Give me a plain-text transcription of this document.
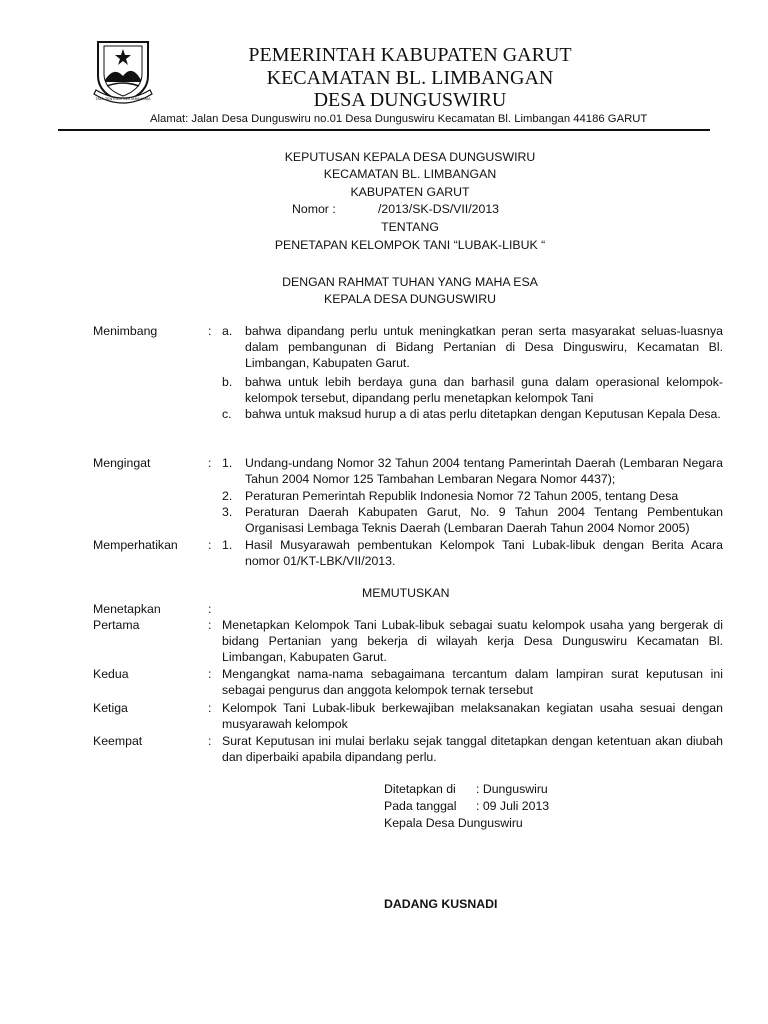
TATA TENTREM KERTARAHARJA
PEMERINTAH KABUPATEN GARUT
KECAMATAN BL. LIMBANGAN
DESA DUNGUSWIRU
Alamat: Jalan Desa Dunguswiru no.01 Desa Dunguswiru Kecamatan Bl. Limbangan 44186 GARUT
KEPUTUSAN KEPALA DESA DUNGUSWIRU
KECAMATAN BL. LIMBANGAN
KABUPATEN GARUT
Nomor :	/2013/SK-DS/VII/2013
TENTANG
PENETAPAN KELOMPOK TANI “LUBAK-LIBUK “
DENGAN RAHMAT TUHAN YANG MAHA ESA
KEPALA DESA DUNGUSWIRU
Menimbang	: a. bahwa dipandang perlu untuk meningkatkan peran serta masyarakat seluas-luasnya dalam pembangunan di Bidang Pertanian di Desa Dinguswiru, Kecamatan Bl. Limbangan, Kabupaten Garut.
b. bahwa untuk lebih berdaya guna dan barhasil guna dalam operasional kelompok-kelompok tersebut, dipandang perlu menetapkan kelompok Tani
c. bahwa untuk maksud hurup a di atas perlu ditetapkan dengan Keputusan Kepala Desa.
Mengingat	: 1. Undang-undang Nomor 32 Tahun 2004 tentang Pamerintah Daerah (Lembaran Negara Tahun 2004 Nomor 125 Tambahan Lembaran Negara Nomor 4437);
2. Peraturan Pemerintah Republik Indonesia Nomor 72 Tahun 2005, tentang Desa
3. Peraturan Daerah Kabupaten Garut, No. 9 Tahun 2004 Tentang Pembentukan Organisasi Lembaga Teknis Daerah (Lembaran Daerah Tahun 2004 Nomor 2005)
Memperhatikan : 1. Hasil Musyarawah pembentukan Kelompok Tani Lubak-libuk dengan Berita Acara nomor 01/KT-LBK/VII/2013.
MEMUTUSKAN
Menetapkan	:
Pertama	: Menetapkan Kelompok Tani Lubak-libuk sebagai suatu kelompok usaha yang bergerak di bidang Pertanian yang bekerja di wilayah kerja Desa Dunguswiru Kecamatan Bl. Limbangan, Kabupaten Garut.
Kedua	: Mengangkat nama-nama sebagaimana tercantum dalam lampiran surat keputusan ini sebagai pengurus dan anggota kelompok ternak tersebut
Ketiga	: Kelompok Tani Lubak-libuk berkewajiban melaksanakan kegiatan usaha sesuai dengan musyarawah kelompok
Keempat	: Surat Keputusan ini mulai berlaku sejak tanggal ditetapkan dengan ketentuan akan diubah dan diperbaiki apabila dipandang perlu.
Ditetapkan di : Dunguswiru
Pada tanggal : 09 Juli 2013
Kepala Desa Dunguswiru
DADANG KUSNADI
